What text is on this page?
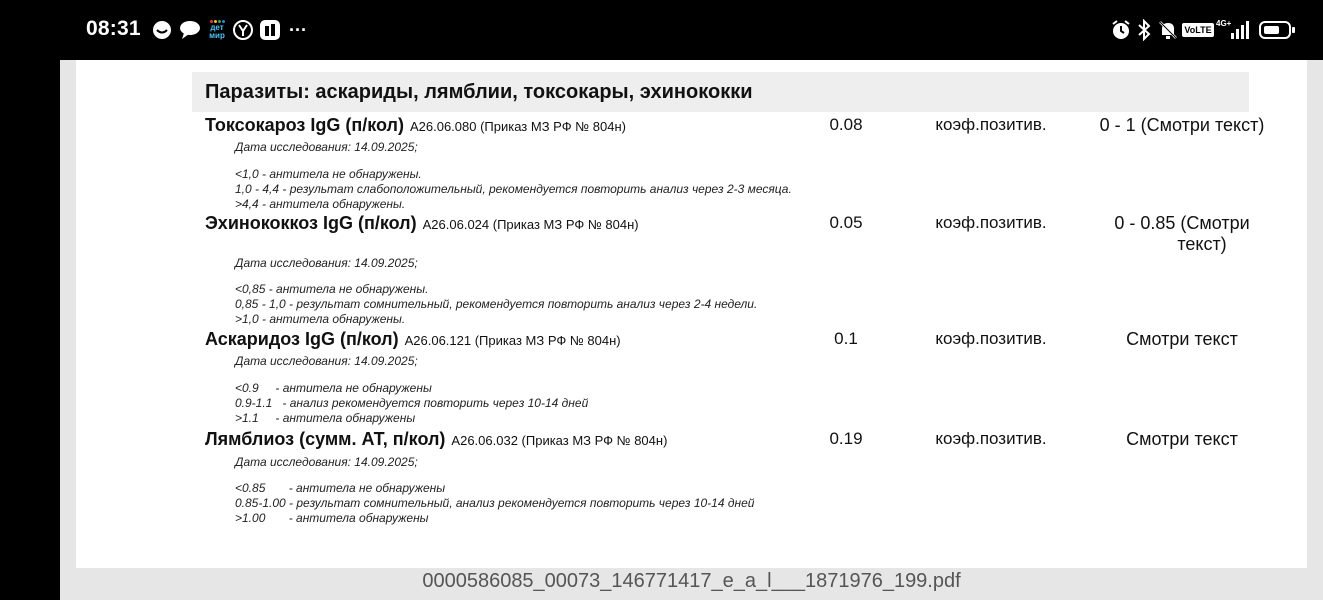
08:31	дет
мир	···	VoLTE
4G+
Паразиты: аскариды, лямблии, токсокары, эхинококки
Токсокароз IgG (п/кол) A26.06.080 (Приказ МЗ РФ № 804н)	0.08	коэф.позитив.	0 - 1 (Смотри текст)
Дата исследования: 14.09.2025;
<1,0 - антитела не обнаружены.
1,0 - 4,4 - результат слабоположительный, рекомендуется повторить анализ через 2-3 месяца.
>4,4 - антитела обнаружены.
Эхинококкоз IgG (п/кол) A26.06.024 (Приказ МЗ РФ № 804н)	0.05	коэф.позитив.	0 - 0.85 (Смотри
текст)
Дата исследования: 14.09.2025;
<0,85 - антитела не обнаружены.
0,85 - 1,0 - результат сомнительный, рекомендуется повторить анализ через 2-4 недели.
>1,0 - антитела обнаружены.
Аскаридоз IgG (п/кол) A26.06.121 (Приказ МЗ РФ № 804н)	0.1	коэф.позитив.	Смотри текст
Дата исследования: 14.09.2025;
<0.9     - антитела не обнаружены
0.9-1.1   - анализ рекомендуется повторить через 10-14 дней
>1.1     - антитела обнаружены
Лямблиоз (сумм. АТ, п/кол) A26.06.032 (Приказ МЗ РФ № 804н)	0.19	коэф.позитив.	Смотри текст
Дата исследования: 14.09.2025;
<0.85       - антитела не обнаружены
0.85-1.00 - результат сомнительный, анализ рекомендуется повторить через 10-14 дней
>1.00       - антитела обнаружены
0000586085_00073_146771417_e_a_l___1871976_199.pdf
